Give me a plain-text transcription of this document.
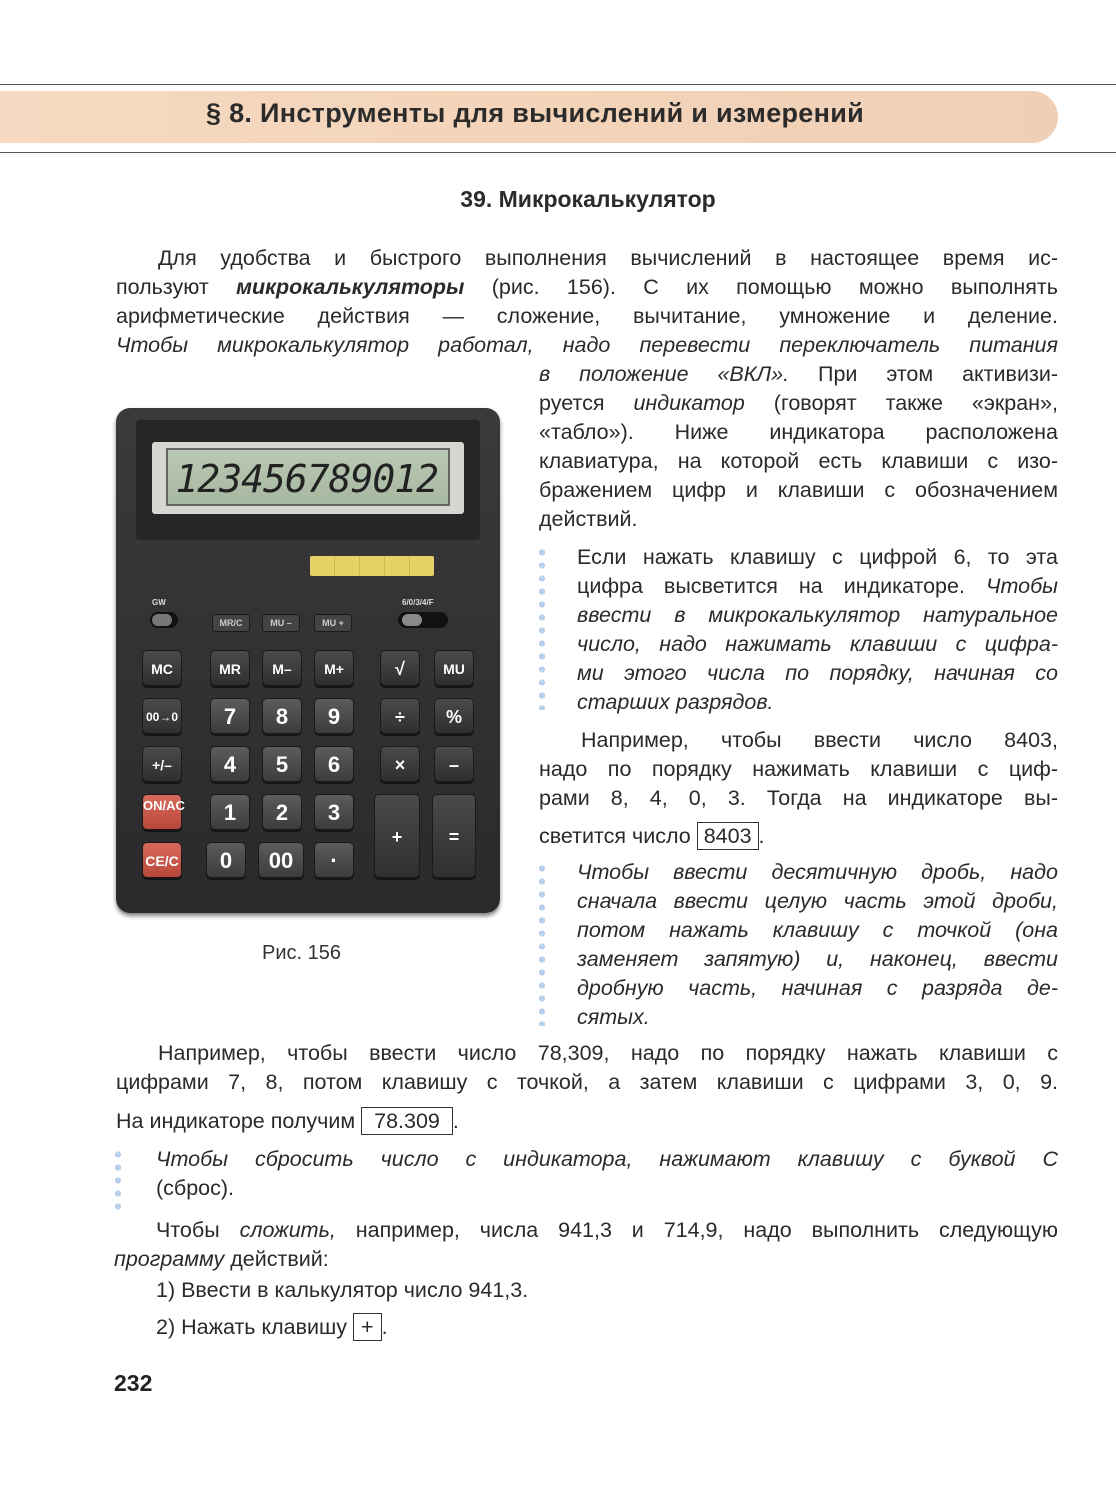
§ 8. Инструменты для вычислений и измерений
39. Микрокалькулятор
Для удобства и быстрого выполнения вычислений в настоящее время ис-
пользуют микрокалькуляторы (рис. 156). С их помощью можно выполнять
арифметические действия — сложение, вычитание, умножение и деление.
Чтобы микрокалькулятор работал, надо перевести переключатель питания
в положение «ВКЛ». При этом активизи-
руется индикатор (говорят также «экран»,
«табло»). Ниже индикатора расположена
клавиатура, на которой есть клавиши с изо-
бражением цифр и клавиши с обозначением
действий.
Если нажать клавишу с цифрой 6, то эта
цифра высветится на индикаторе. Чтобы
ввести в микрокалькулятор натуральное
число, надо нажимать клавиши с цифра-
ми этого числа по порядку, начиная со
старших разрядов.
Например, чтобы ввести число 8403,
надо по порядку нажимать клавиши с циф-
рами 8, 4, 0, 3. Тогда на индикаторе вы-
светится число 8403 .
Чтобы ввести десятичную дробь, надо
сначала ввести целую часть этой дроби,
потом нажать клавишу с точкой (она
заменяет запятую) и, наконец, ввести
дробную часть, начиная с разряда де-
сятых.
Например, чтобы ввести число 78,309, надо по порядку нажать клавиши с
цифрами 7, 8, потом клавишу с точкой, а затем клавиши с цифрами 3, 0, 9.
На индикаторе получим 78.309 .
Чтобы сбросить число с индикатора, нажимают клавишу с буквой С
(сброс).
Чтобы сложить, например, числа 941,3 и 714,9, надо выполнить следующую
программу действий:
1) Ввести в калькулятор число 941,3.
2) Нажать клавишу + .
232
123456789012
GW	6/0/3/4/F
MR/C	MU –	MU +
MC	MR	M–	M+	√	MU
00→0	7	8	9	÷	%
+/–	4	5	6	×	–
ON/AC	1	2	3
+	=
CE/C	0	00	·
Рис. 156
